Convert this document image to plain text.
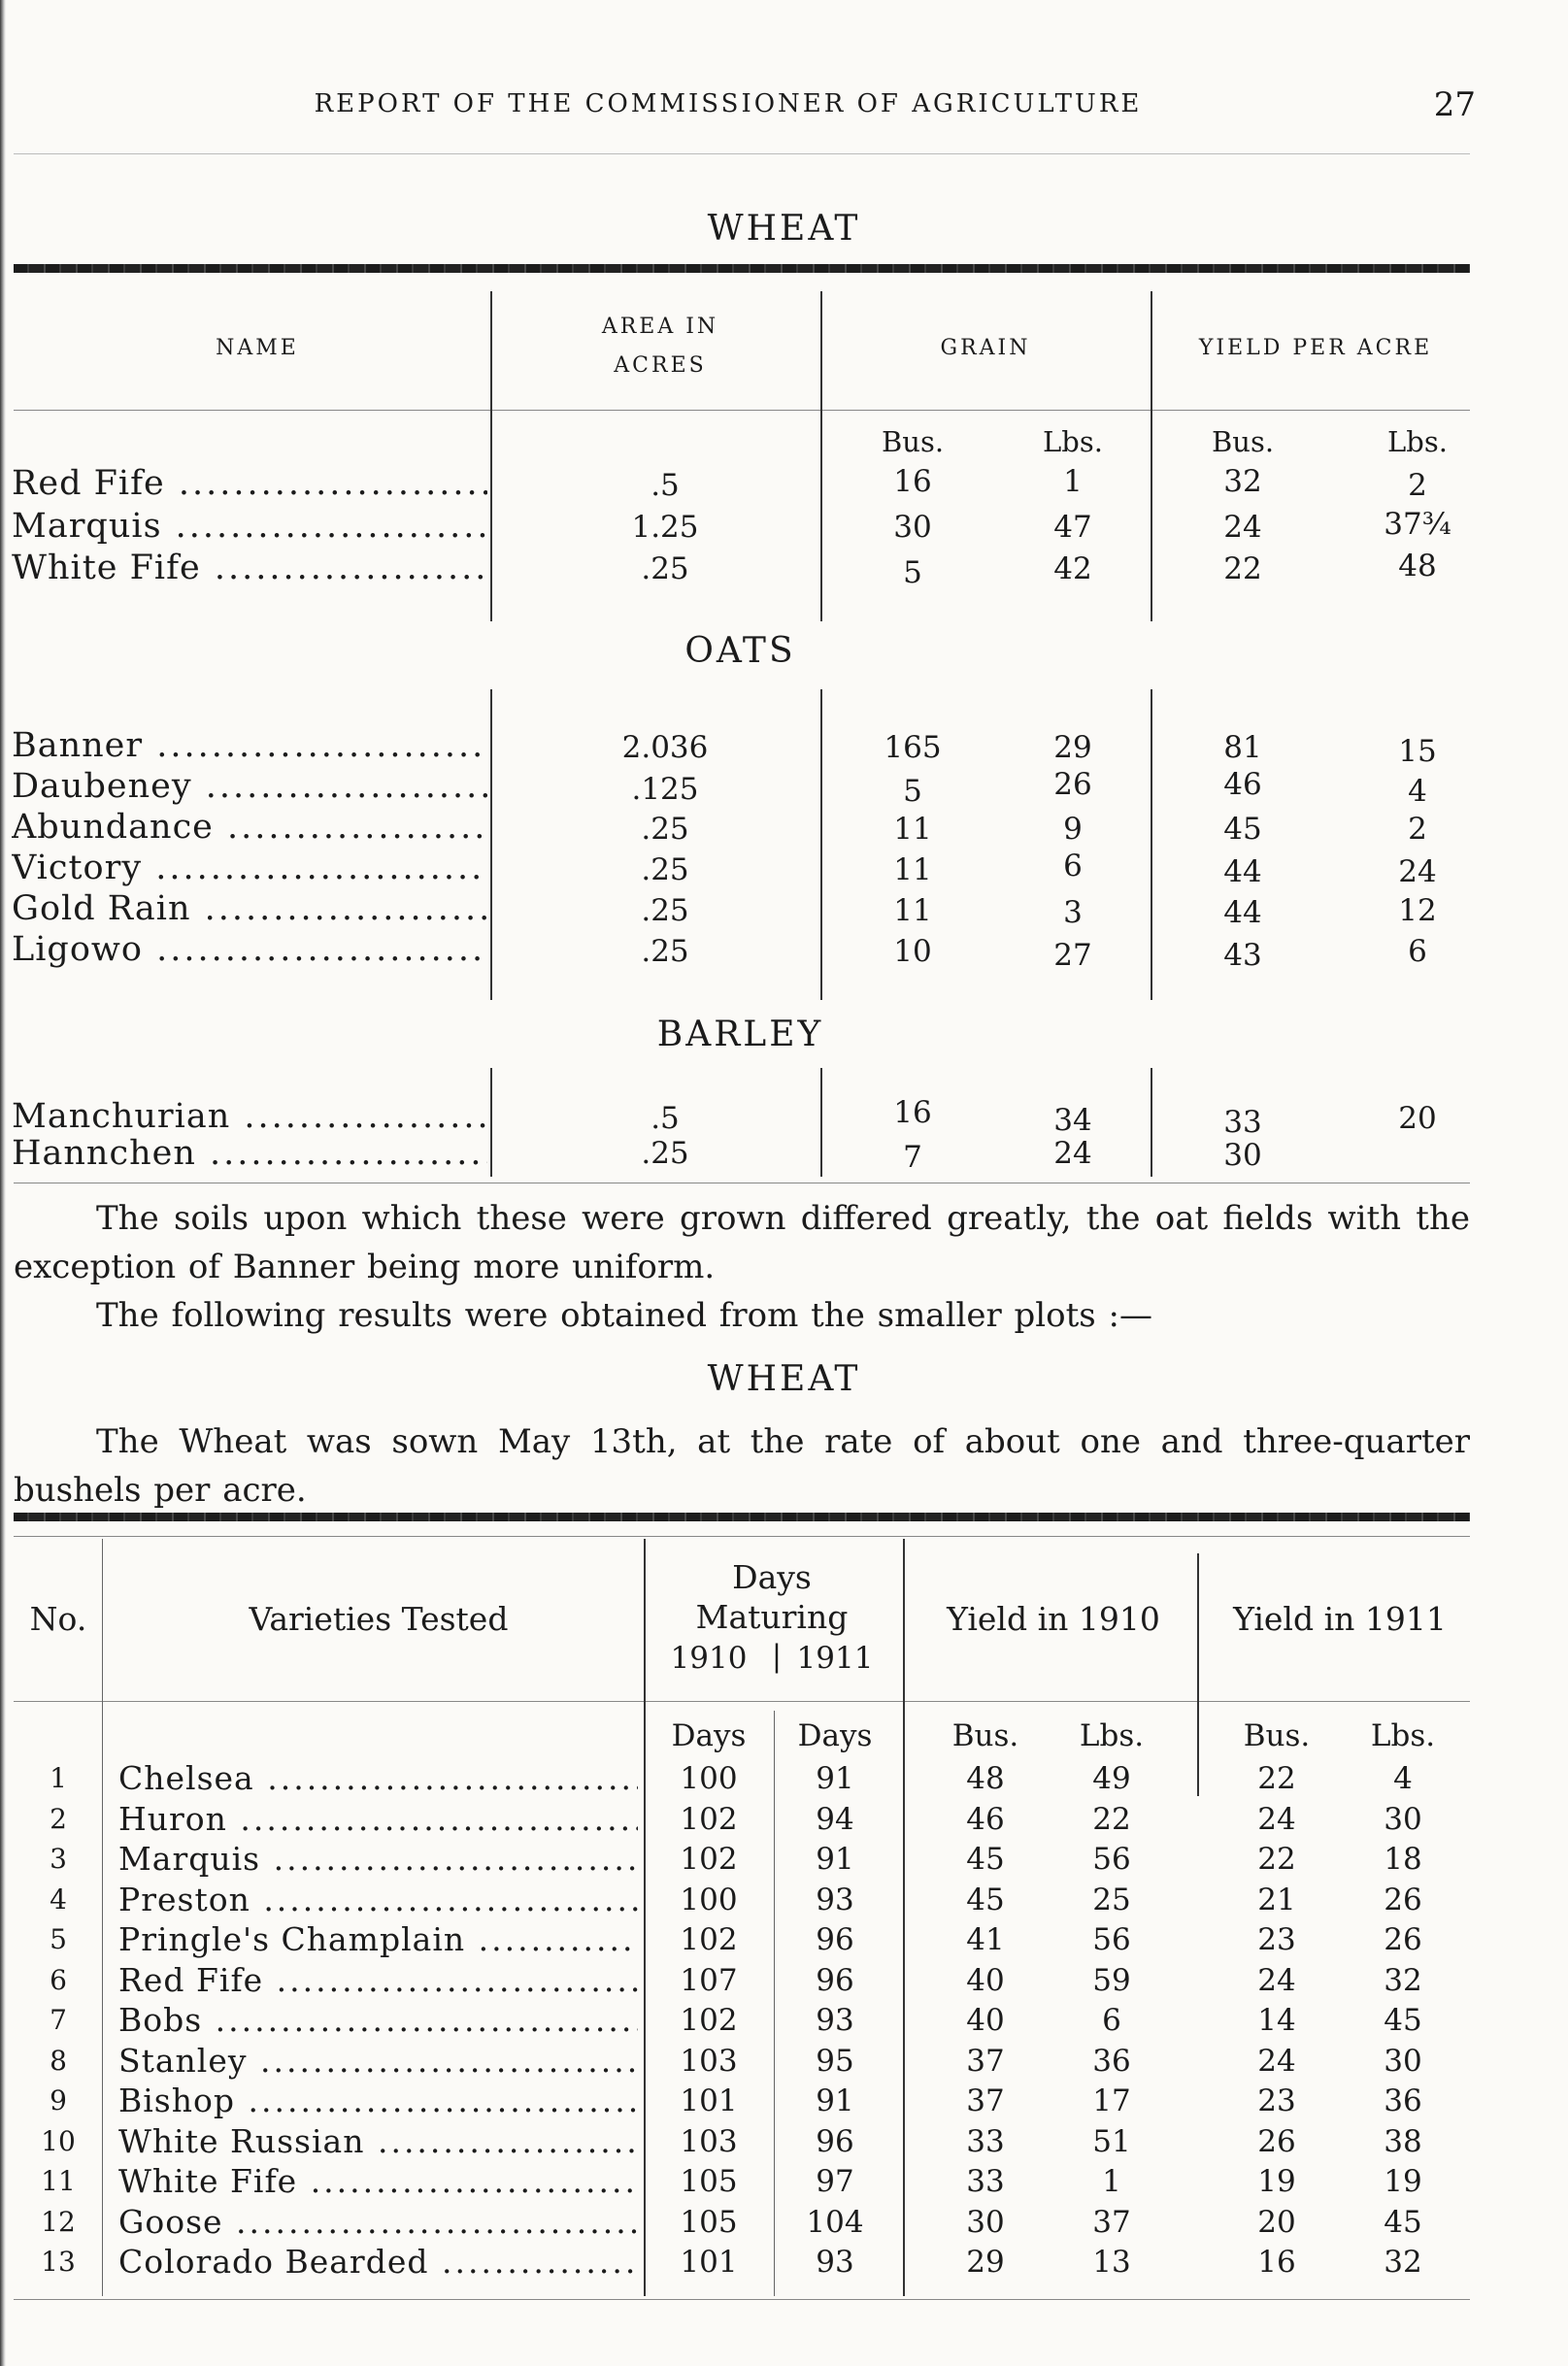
REPORT OF THE COMMISSIONER OF AGRICULTURE	27
WHEAT
NAME
AREA IN
ACRES
GRAIN	YIELD PER ACRE
Bus.	Lbs.	Bus.	Lbs.
Red Fife .....	.5	16	1	32	2
Marquis .....	1.25	30	47	24	37¾
White Fife .....	.25	5	42	22	48
OATS
Banner .....	2.036	165	29	81	15
Daubeney .....	.125	5	26	46	4
Abundance .....	.25	11	9	45	2
Victory .....	.25	11	6	44	24
Gold Rain .....	.25	11	3	44	12
Ligowo .....	.25	10	27	43	6
BARLEY
Manchurian .....	.5	16	34	33	20
Hannchen .....	.25	7	24	30
The soils upon which these were grown differed greatly, the oat fields with the exception of Banner being more uniform.
The following results were obtained from the smaller plots :—
WHEAT
The Wheat was sown May 13th, at the rate of about one and three-quarter bushels per acre.
No.	Varieties Tested
Days
Maturing
1910 | 1911
Yield in 1910	Yield in 1911
Days	Days	Bus.	Lbs.	Bus.	Lbs.
1	Chelsea .....	100	91	48	49	22	4
2	Huron .....	102	94	46	22	24	30
3	Marquis .....	102	91	45	56	22	18
4	Preston .....	100	93	45	25	21	26
5	Pringle's Champlain .....	102	96	41	56	23	26
6	Red Fife .....	107	96	40	59	24	32
7	Bobs .....	102	93	40	6	14	45
8	Stanley .....	103	95	37	36	24	30
9	Bishop .....	101	91	37	17	23	36
10	White Russian .....	103	96	33	51	26	38
11	White Fife .....	105	97	33	1	19	19
12	Goose .....	105	104	30	37	20	45
13	Colorado Bearded .....	101	93	29	13	16	32
